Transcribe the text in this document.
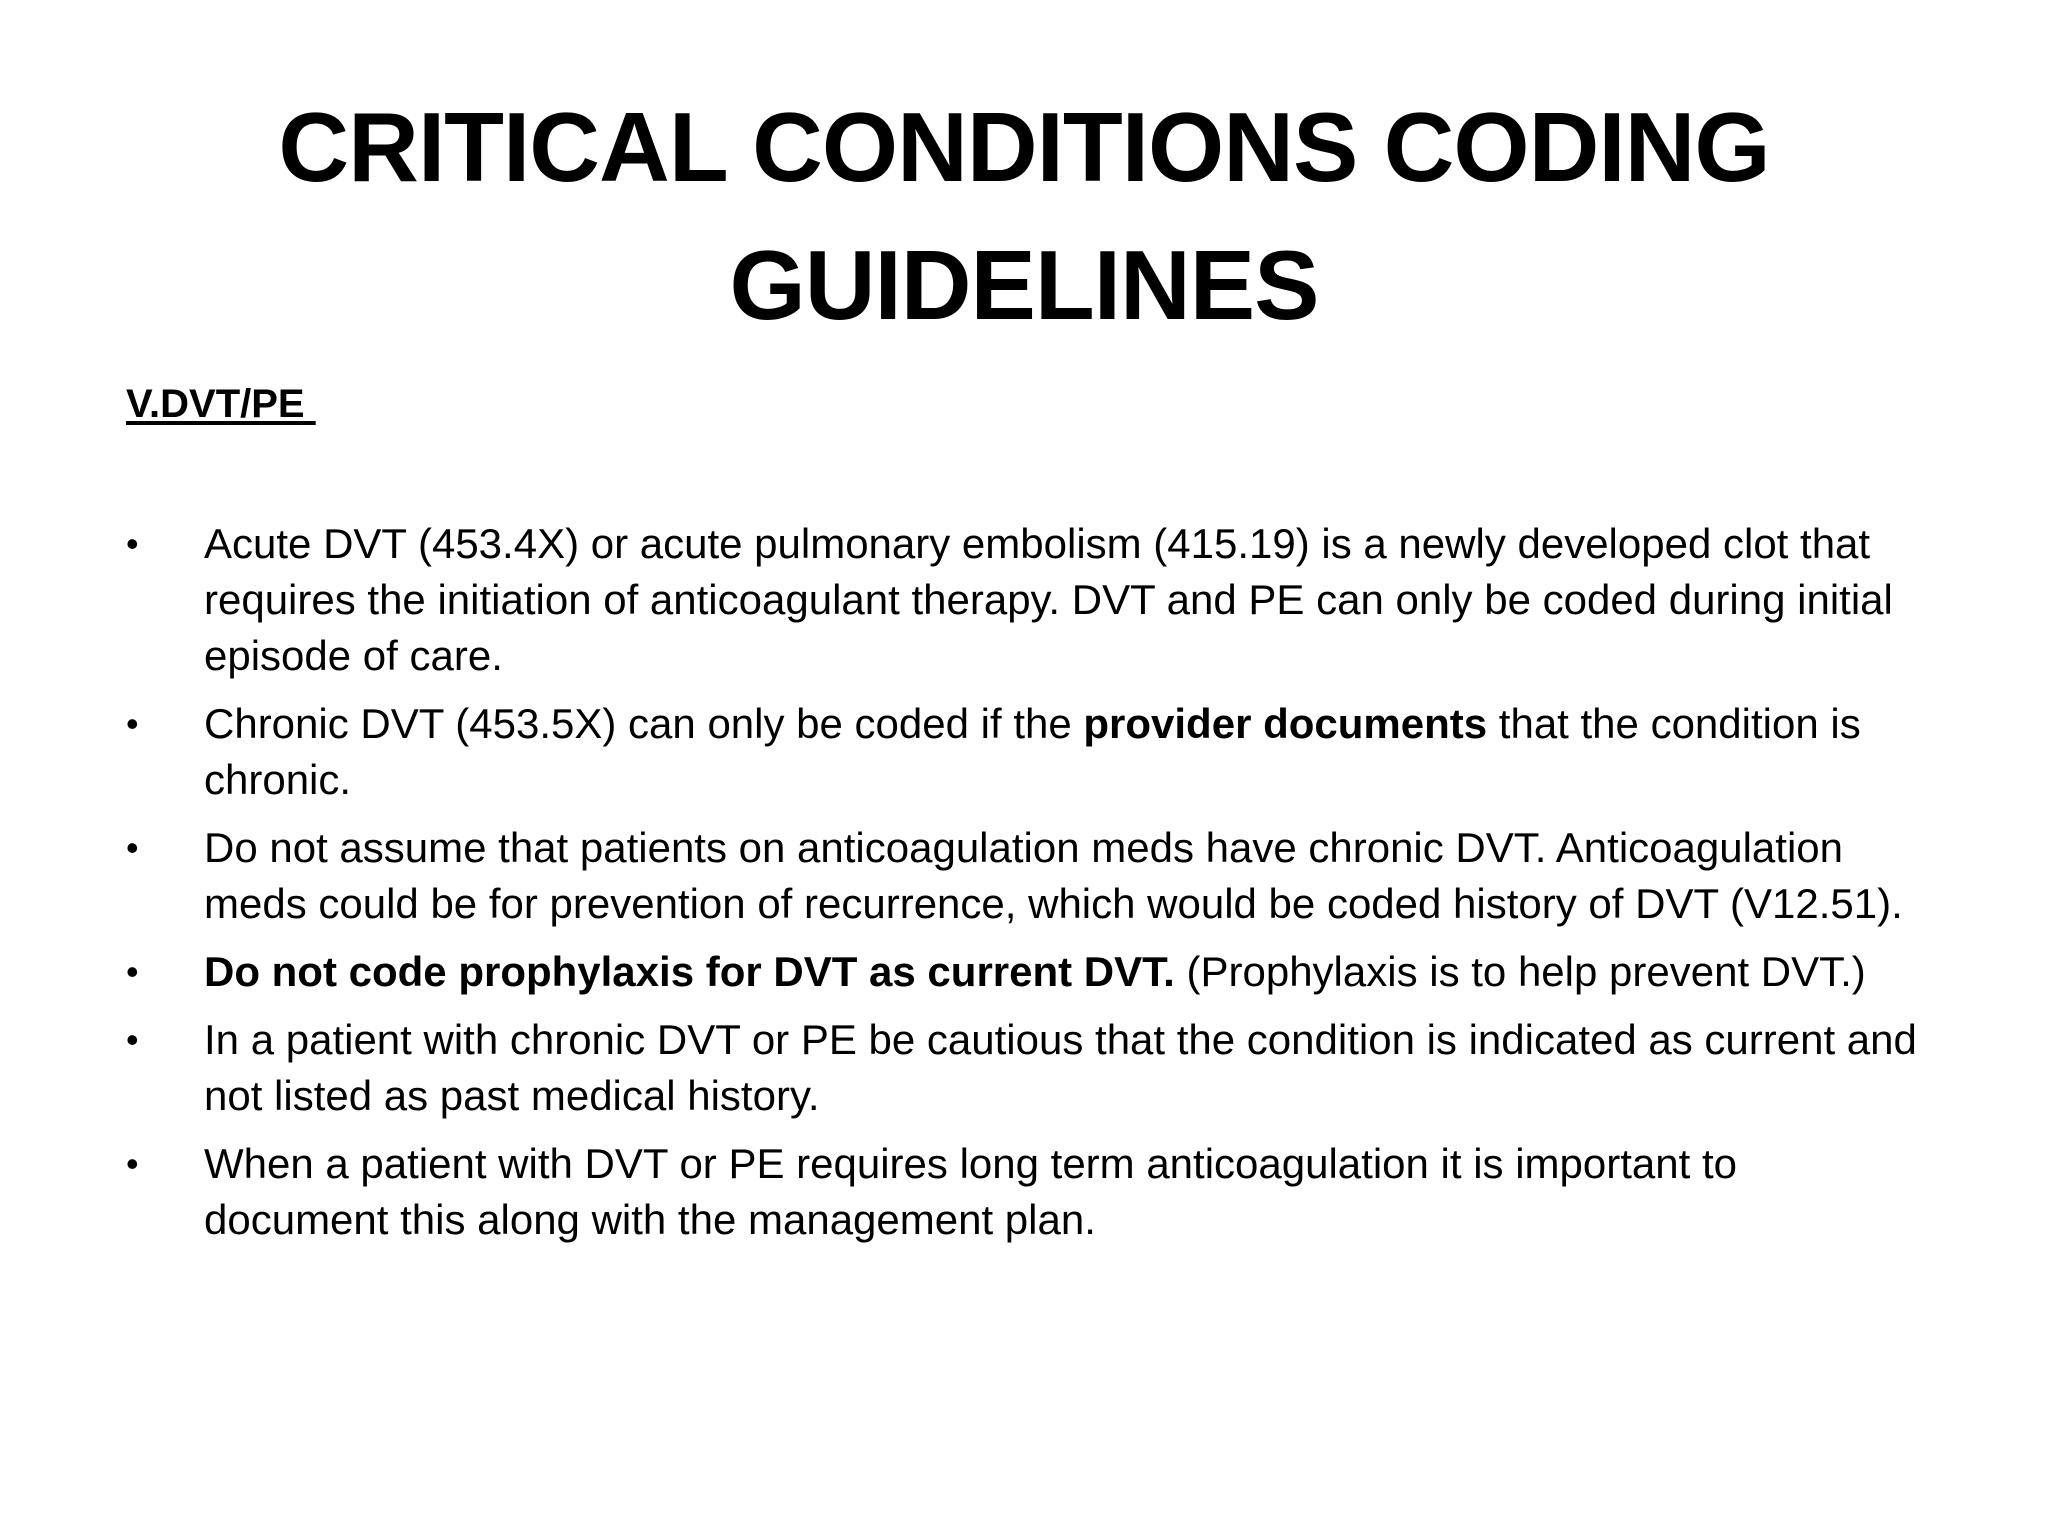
CRITICAL CONDITIONS CODING
GUIDELINES
V.DVT/PE
• Acute DVT (453.4X) or acute pulmonary embolism (415.19) is a newly developed clot that requires the initiation of anticoagulant therapy. DVT and PE can only be coded during initial episode of care.
• Chronic DVT (453.5X) can only be coded if the provider documents that the condition is chronic.
• Do not assume that patients on anticoagulation meds have chronic DVT. Anticoagulation meds could be for prevention of recurrence, which would be coded history of DVT (V12.51).
• Do not code prophylaxis for DVT as current DVT. (Prophylaxis is to help prevent DVT.)
• In a patient with chronic DVT or PE be cautious that the condition is indicated as current and not listed as past medical history.
• When a patient with DVT or PE requires long term anticoagulation it is important to document this along with the management plan.
